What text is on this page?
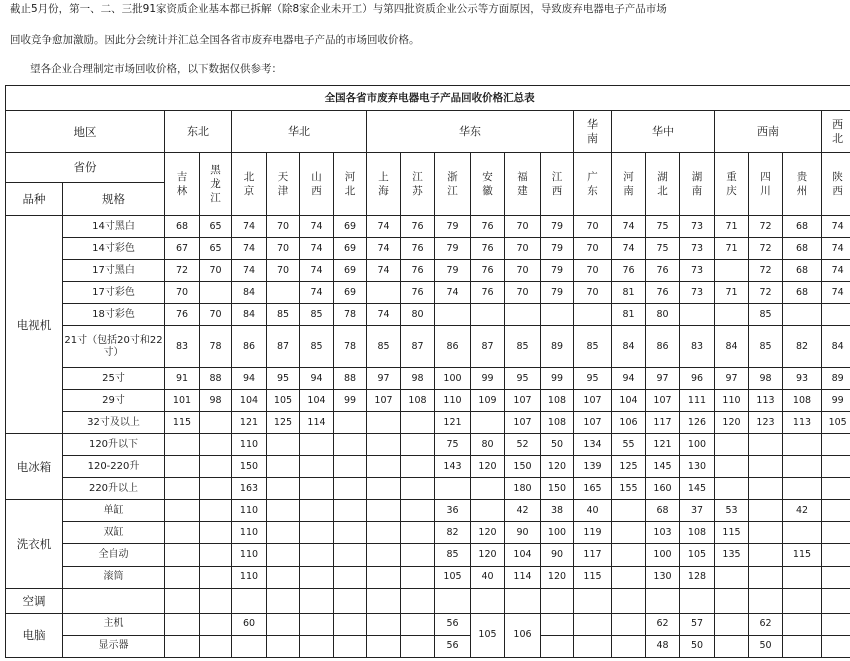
截止5月份，第一、二、三批91家资质企业基本都已拆解（除8家企业未开工）与第四批资质企业公示等方面原因，导致废弃电器电子产品市场

回收竞争愈加激励。因此分会统计并汇总全国各省市废弃电器电子产品的市场回收价格。

望各企业合理制定市场回收价格，以下数据仅供参考：

全国各省市废弃电器电子产品回收价格汇总表																					
地区		东北		华北				华东						华南	华中			西南			西北
省份		吉林	黑龙江	北京	天津	山西	河北	上海	江苏	浙江	安徽	福建	江西	广东	河南	湖北	湖南	重庆	四川	贵州	陕西
品种	规格																				
电视机	14寸黑白	68	65	74	70	74	69	74	76	79	76	70	79	70	74	75	73	71	72	68	74
	14寸彩色	67	65	74	70	74	69	74	76	79	76	70	79	70	74	75	73	71	72	68	74
	17寸黑白	72	70	74	70	74	69	74	76	79	76	70	79	70	76	76	73		72	68	74
	17寸彩色	70		84		74	69		76	74	76	70	79	70	81	76	73	71	72	68	74
	18寸彩色	76	70	84	85	85	78	74	80						81	80			85		
	21寸（包括20寸和22寸）	83	78	86	87	85	78	85	87	86	87	85	89	85	84	86	83	84	85	82	84
	25寸	91	88	94	95	94	88	97	98	100	99	95	99	95	94	97	96	97	98	93	89
	29寸	101	98	104	105	104	99	107	108	110	109	107	108	107	104	107	111	110	113	108	99
	32寸及以上	115		121	125	114				121		107	108	107	106	117	126	120	123	113	105
电冰箱	120升以下			110						75	80	52	50	134	55	121	100				
	120-220升			150						143	120	150	120	139	125	145	130				
	220升以上			163								180	150	165	155	160	145				
洗衣机	单缸			110						36		42	38	40		68	37	53		42	
	双缸			110						82	120	90	100	119		103	108	115			
	全自动			110						85	120	104	90	117		100	105	135		115	
	滚筒			110						105	40	114	120	115		130	128				
空调																					
电脑	主机			60						56	105	106				62	57		62		
	显示器									56						48	50		50		
